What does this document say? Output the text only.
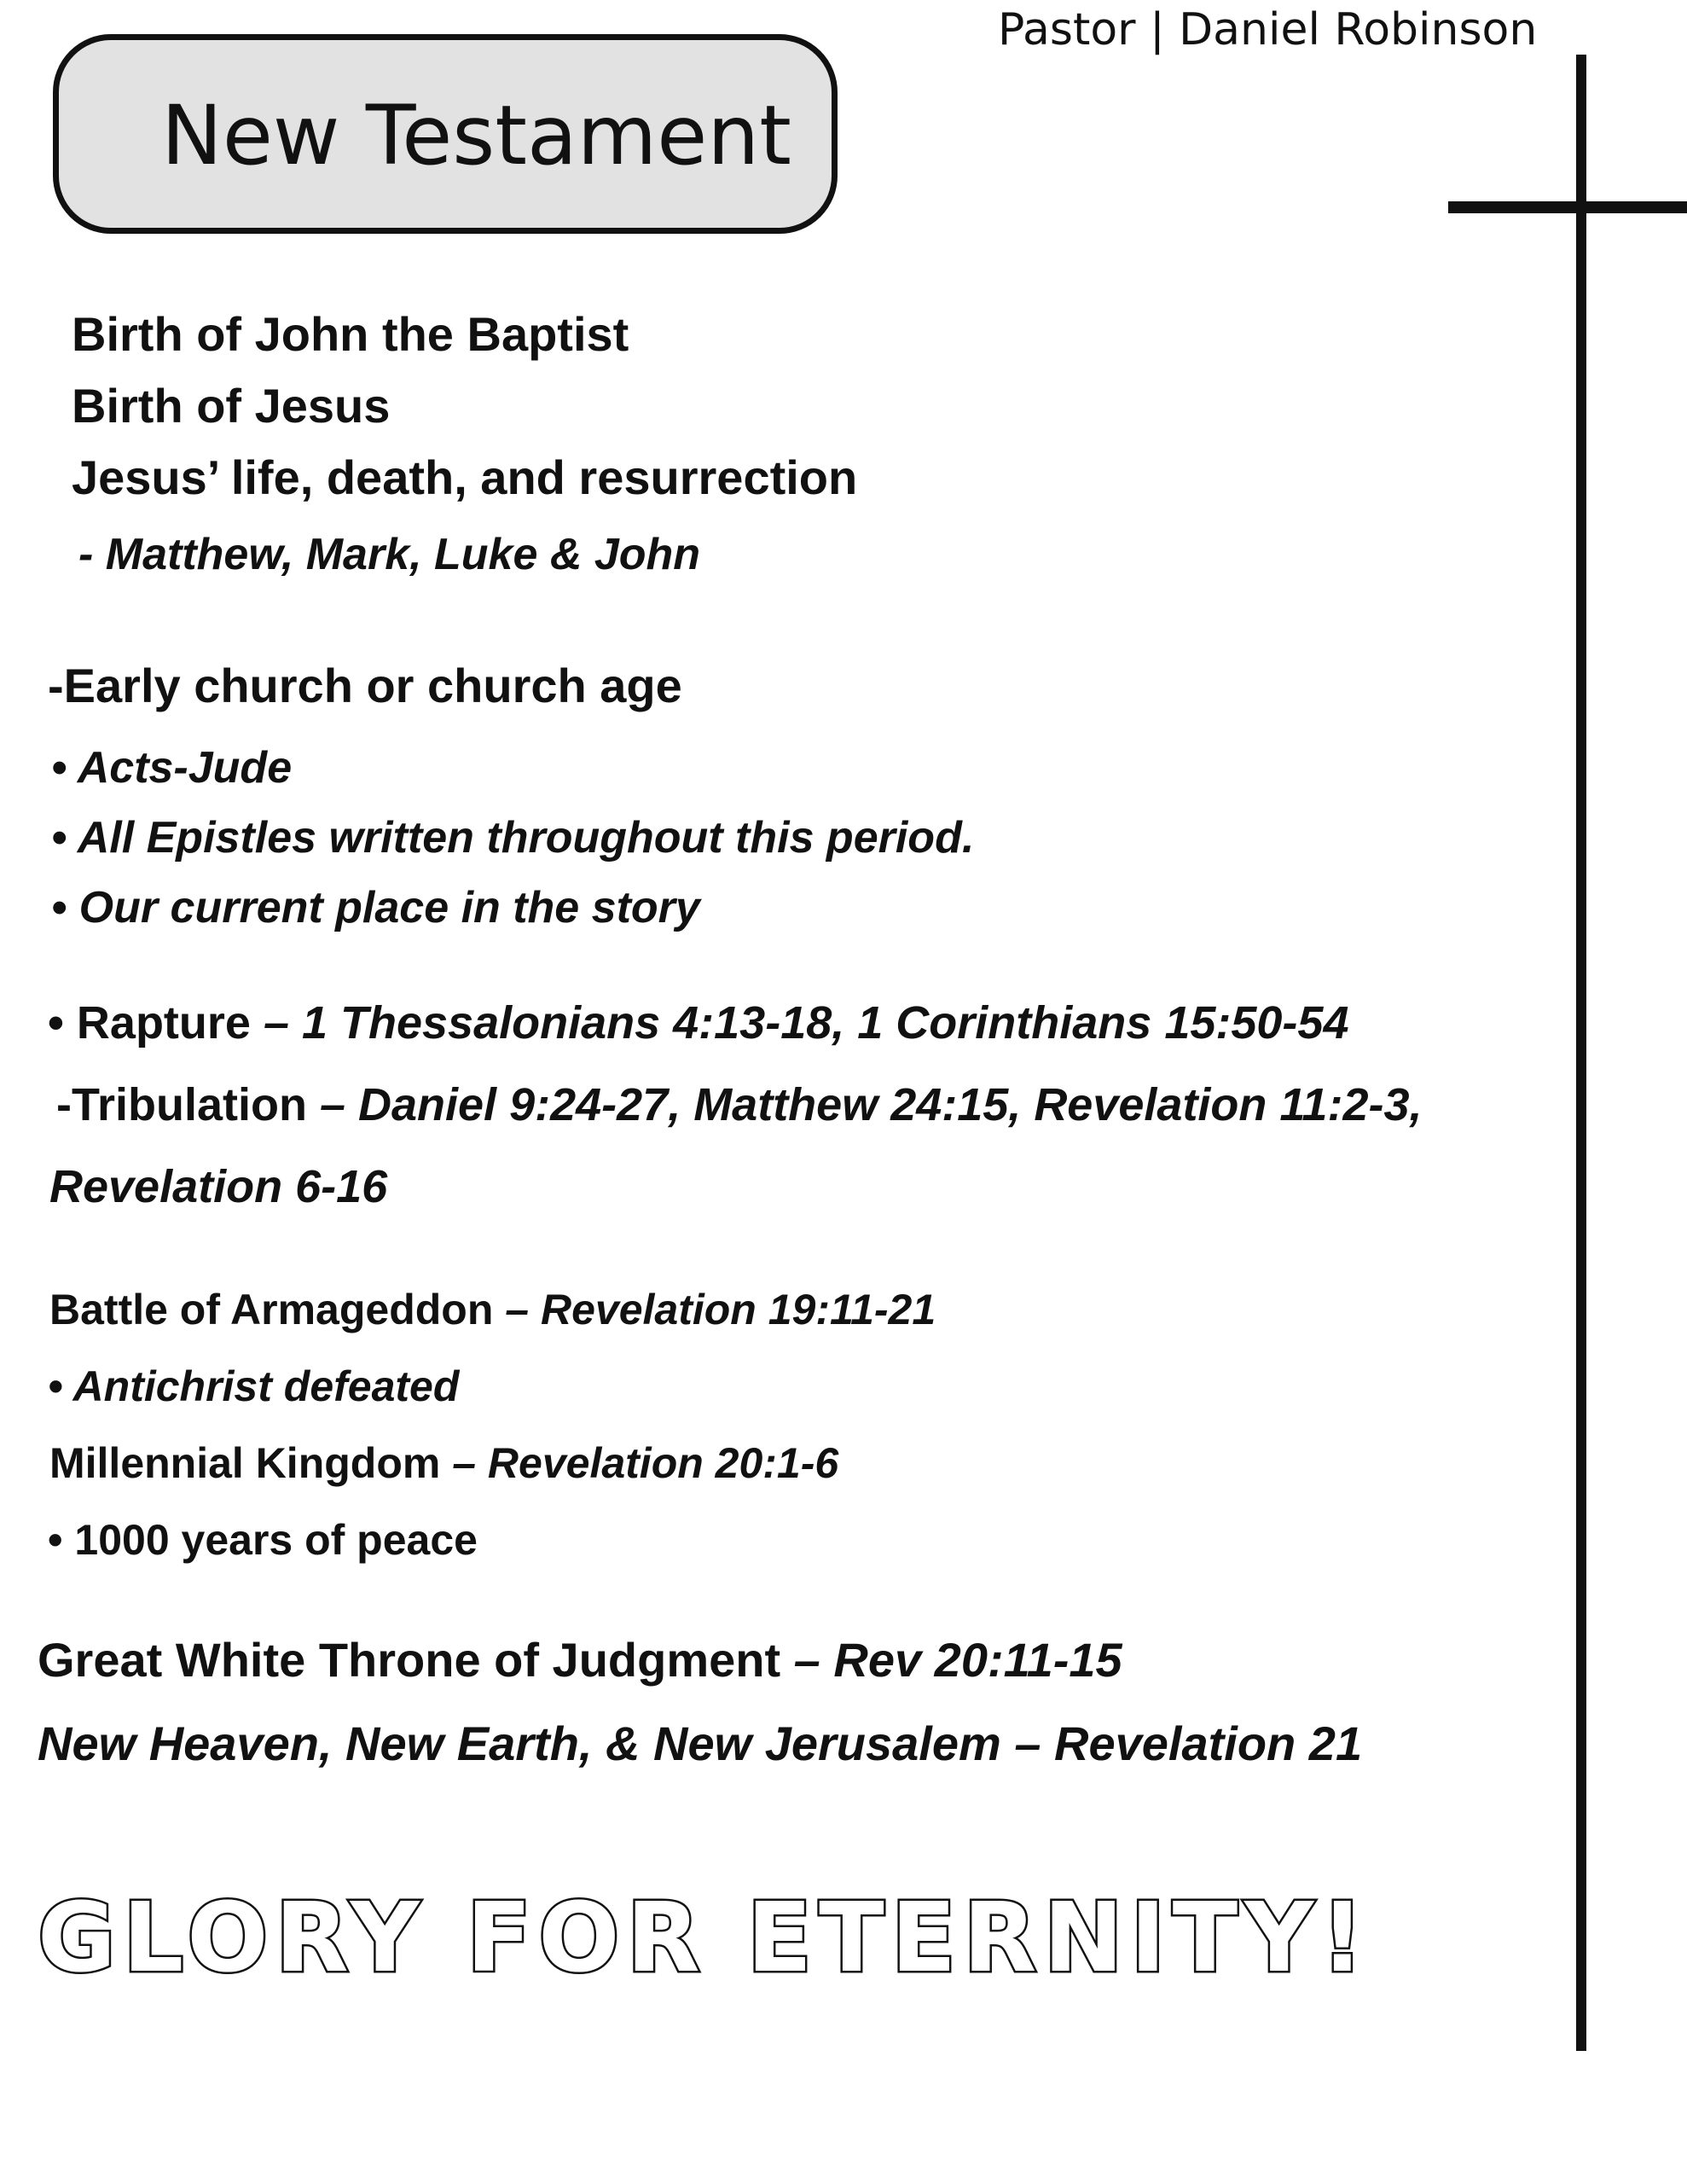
Pastor | Daniel Robinson
New Testament
Birth of John the Baptist
Birth of Jesus
Jesus’ life, death, and resurrection
- Matthew, Mark, Luke & John
-Early church or church age
• Acts-Jude
• All Epistles written throughout this period.
• Our current place in the story
• Rapture – 1 Thessalonians 4:13-18, 1 Corinthians 15:50-54
-Tribulation – Daniel 9:24-27, Matthew 24:15, Revelation 11:2-3,
Revelation 6-16
Battle of Armageddon – Revelation 19:11-21
• Antichrist defeated
Millennial Kingdom – Revelation 20:1-6
• 1000 years of peace
Great White Throne of Judgment – Rev 20:11-15
New Heaven, New Earth, & New Jerusalem – Revelation 21
GLORY FOR ETERNITY!
